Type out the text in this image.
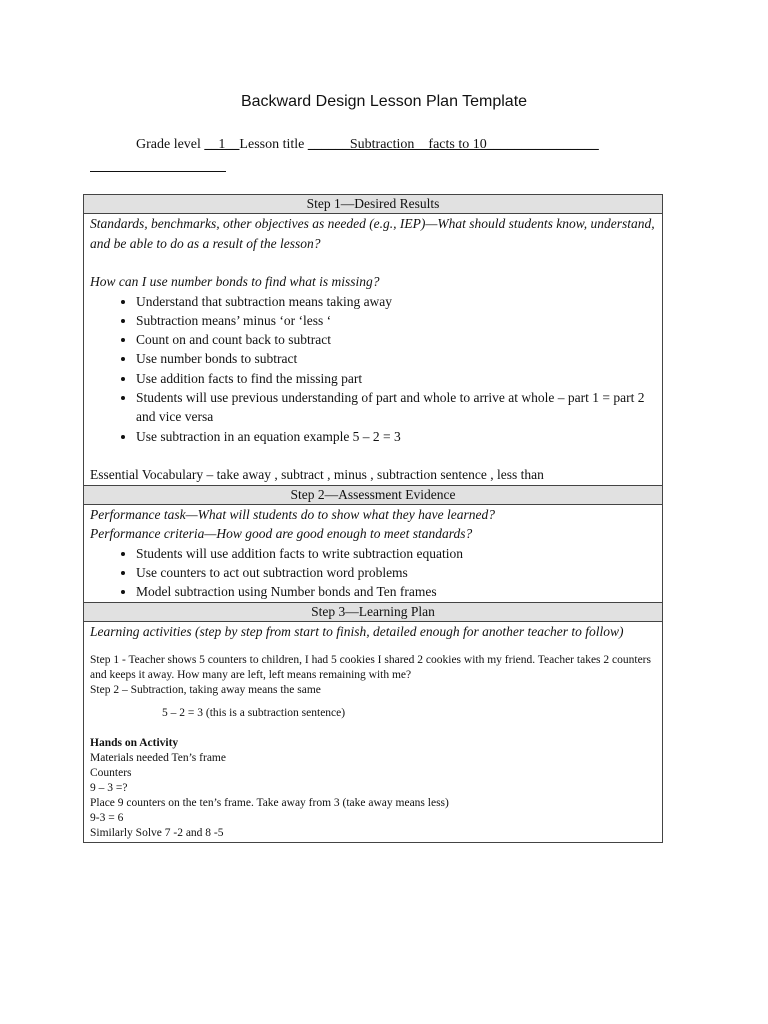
Backward Design Lesson Plan Template
Grade level __1__Lesson title ______Subtraction    facts to 10________________
Step 1—Desired Results

Standards, benchmarks, other objectives as needed (e.g., IEP)—What should students know, understand, and be able to do as a result of the lesson?
How can I use number bonds to find what is missing?
• Understand that subtraction means taking away
• Subtraction means’ minus ‘or ‘less ‘
• Count on and count back to subtract
• Use number bonds to subtract
• Use addition facts to find the missing part
• Students will use previous understanding of part and whole to arrive at whole – part 1 = part 2 and vice versa
• Use subtraction in an equation example 5 – 2 = 3
Essential Vocabulary – take away , subtract , minus , subtraction sentence , less than

Step 2—Assessment Evidence

Performance task—What will students do to show what they have learned?
Performance criteria—How good are good enough to meet standards?
• Students will use addition facts to write subtraction equation
• Use counters to act out subtraction word problems
• Model subtraction using Number bonds and Ten frames

Step 3—Learning Plan

Learning activities (step by step from start to finish, detailed enough for another teacher to follow)
Step 1 - Teacher shows 5 counters to children, I had 5 cookies I shared 2 cookies with my friend. Teacher takes 2 counters and keeps it away. How many are left, left means remaining with me?
Step 2 – Subtraction, taking away means the same
5 – 2 = 3 (this is a subtraction sentence)
Hands on Activity
Materials needed Ten’s frame
Counters
9 – 3 =?
Place 9 counters on the ten’s frame. Take away from 3 (take away means less)
9-3 = 6
Similarly Solve 7 -2 and 8 -5
